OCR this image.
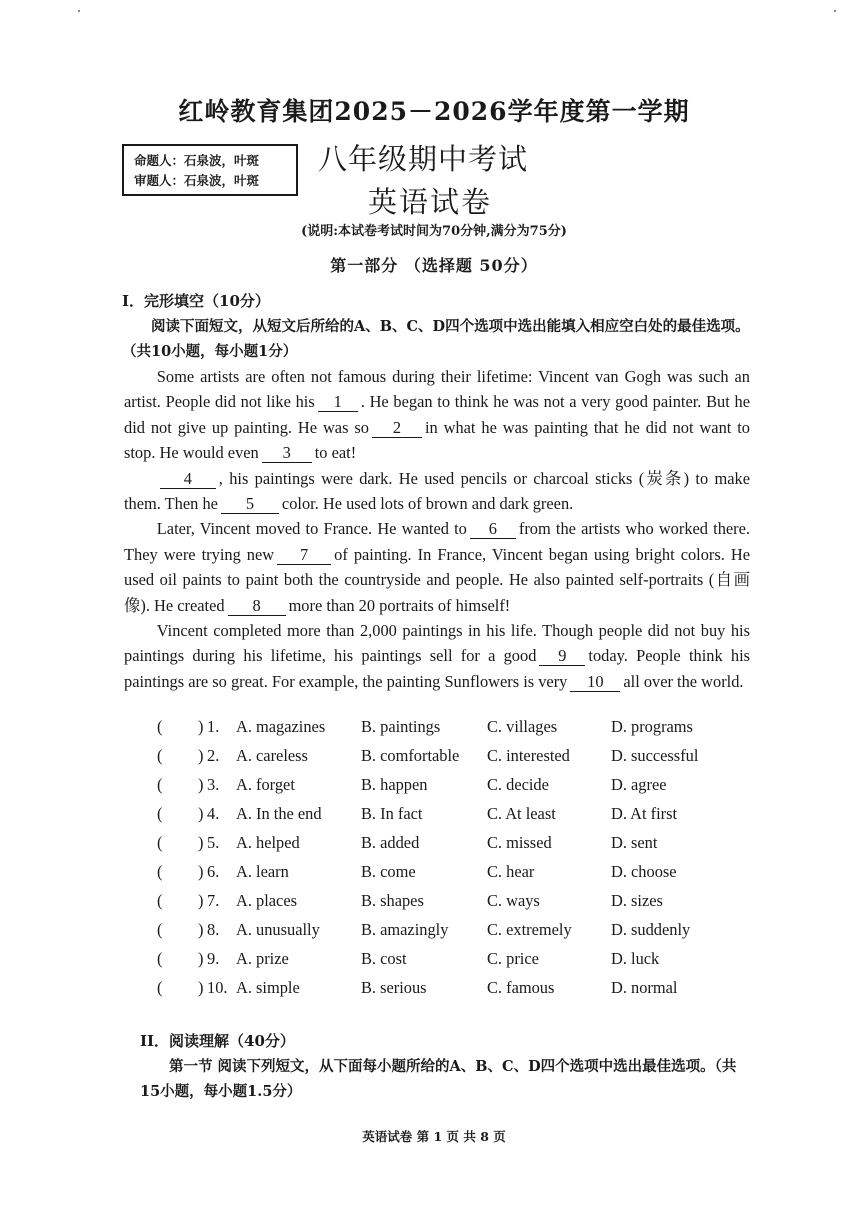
红岭教育集团2025－2026学年度第一学期
命题人：石泉波，叶斑
审题人：石泉波，叶斑
八年级期中考试
英语试卷
(说明:本试卷考试时间为70分钟,满分为75分)
第一部分 （选择题 50分）
I．完形填空（10分）

阅读下面短文，从短文后所给的A、B、C、D四个选项中选出能填入相应空白处的最佳选项。（共10小题，每小题1分）

Some artists are often not famous during their lifetime: Vincent van Gogh was such an artist. People did not like his 1 . He began to think he was not a very good painter. But he did not give up painting. He was so 2 in what he was painting that he did not want to stop. He would even 3 to eat!

4 , his paintings were dark. He used pencils or charcoal sticks (炭条) to make them. Then he 5 color. He used lots of brown and dark green.

Later, Vincent moved to France. He wanted to 6 from the artists who worked there. They were trying new 7 of painting. In France, Vincent began using bright colors. He used oil paints to paint both the countryside and people. He also painted self-portraits (自画像). He created 8 more than 20 portraits of himself!

Vincent completed more than 2,000 paintings in his life. Though people did not buy his paintings during his lifetime, his paintings sell for a good 9 today. People think his paintings are so great. For example, the painting Sunflowers is very 10 all over the world.

( ) 1. A. magazines B. paintings	C. villages	D. programs
( ) 2. A. careless	B. comfortable C. interested	D. successful
( ) 3. A. forget	B. happen	C. decide	D. agree
( ) 4. A. In the end B. In fact	C. At least	D. At first
( ) 5. A. helped	B. added	C. missed	D. sent
( ) 6. A. learn	B. come	C. hear	D. choose
( ) 7. A. places	B. shapes	C. ways	D. sizes
( ) 8. A. unusually	B. amazingly C. extremely D. suddenly
( ) 9. A. prize	B. cost	C. price	D. luck
( ) 10. A. simple	B. serious	C. famous	D. normal
II．阅读理解（40分）

第一节 阅读下列短文，从下面每小题所给的A、B、C、D四个选项中选出最佳选项。（共15小题，每小题1.5分）

英语试卷 第 1 页 共 8 页
